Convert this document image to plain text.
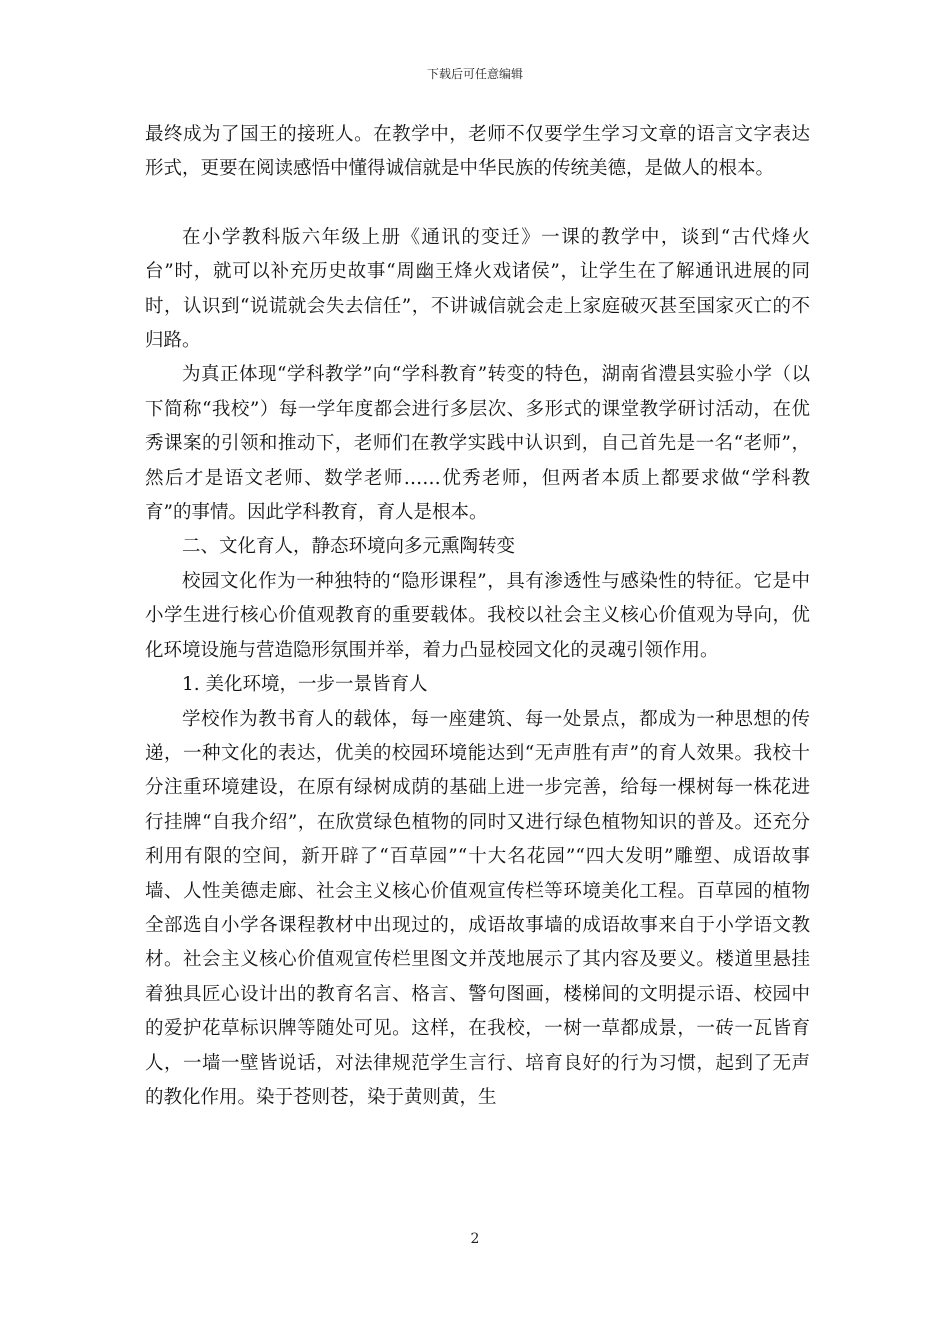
下载后可任意编辑

最终成为了国王的接班人。在教学中，老师不仅要学生学习文章的语言文字表达形式，更要在阅读感悟中懂得诚信就是中华民族的传统美德，是做人的根本。

在小学教科版六年级上册《通讯的变迁》一课的教学中，谈到“古代烽火台”时，就可以补充历史故事“周幽王烽火戏诸侯”，让学生在了解通讯进展的同时，认识到“说谎就会失去信任”，不讲诚信就会走上家庭破灭甚至国家灭亡的不归路。

为真正体现“学科教学”向“学科教育”转变的特色，湖南省澧县实验小学（以下简称“我校”）每一学年度都会进行多层次、多形式的课堂教学研讨活动，在优秀课案的引领和推动下，老师们在教学实践中认识到，自己首先是一名“老师”，然后才是语文老师、数学老师……优秀老师，但两者本质上都要求做“学科教育”的事情。因此学科教育，育人是根本。

二、文化育人，静态环境向多元熏陶转变

校园文化作为一种独特的“隐形课程”，具有渗透性与感染性的特征。它是中小学生进行核心价值观教育的重要载体。我校以社会主义核心价值观为导向，优化环境设施与营造隐形氛围并举，着力凸显校园文化的灵魂引领作用。

1. 美化环境，一步一景皆育人

学校作为教书育人的载体，每一座建筑、每一处景点，都成为一种思想的传递，一种文化的表达，优美的校园环境能达到“无声胜有声”的育人效果。我校十分注重环境建设，在原有绿树成荫的基础上进一步完善，给每一棵树每一株花进行挂牌“自我介绍”，在欣赏绿色植物的同时又进行绿色植物知识的普及。还充分利用有限的空间，新开辟了“百草园”“十大名花园”“四大发明”雕塑、成语故事墙、人性美德走廊、社会主义核心价值观宣传栏等环境美化工程。百草园的植物全部选自小学各课程教材中出现过的，成语故事墙的成语故事来自于小学语文教材。社会主义核心价值观宣传栏里图文并茂地展示了其内容及要义。楼道里悬挂着独具匠心设计出的教育名言、格言、警句图画，楼梯间的文明提示语、校园中的爱护花草标识牌等随处可见。这样，在我校，一树一草都成景，一砖一瓦皆育人，一墙一壁皆说话，对法律规范学生言行、培育良好的行为习惯，起到了无声的教化作用。染于苍则苍，染于黄则黄，生

2
